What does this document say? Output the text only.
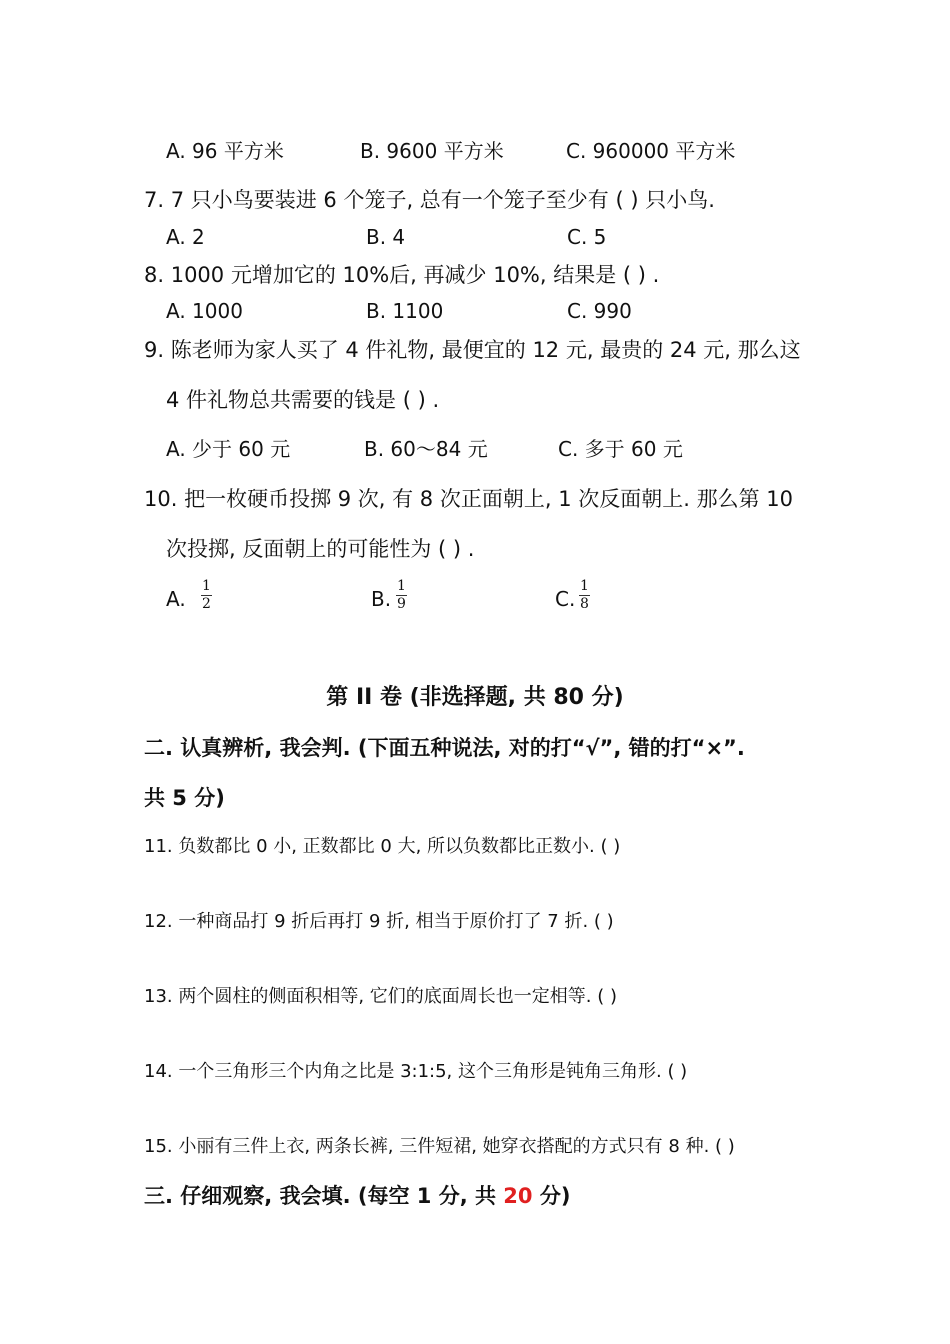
A. 96 平方米	B. 9600 平方米	C. 960000 平方米
7. 7 只小鸟要装进 6 个笼子, 总有一个笼子至少有 ( ) 只小鸟.
A. 2	B. 4	C. 5
8. 1000 元增加它的 10%后, 再减少 10%, 结果是 ( ) .
A. 1000	B. 1100	C. 990
9. 陈老师为家人买了 4 件礼物, 最便宜的 12 元, 最贵的 24 元, 那么这
4 件礼物总共需要的钱是 ( ) .
A. 少于 60 元	B. 60～84 元	C. 多于 60 元
10. 把一枚硬币投掷 9 次, 有 8 次正面朝上, 1 次反面朝上. 那么第 10
次投掷, 反面朝上的可能性为 ( ) .
A.
1
2	B.
1
9	C.
1
8
第 II 卷 (非选择题, 共 80 分)
二. 认真辨析, 我会判. (下面五种说法, 对的打“√”, 错的打“×”.
共 5 分)
11. 负数都比 0 小, 正数都比 0 大, 所以负数都比正数小. ( )
12. 一种商品打 9 折后再打 9 折, 相当于原价打了 7 折. ( )
13. 两个圆柱的侧面积相等, 它们的底面周长也一定相等. ( )
14. 一个三角形三个内角之比是 3:1:5, 这个三角形是钝角三角形. ( )
15. 小丽有三件上衣, 两条长裤, 三件短裙, 她穿衣搭配的方式只有 8 种. ( )
三. 仔细观察, 我会填. (每空 1 分, 共 20 分)
